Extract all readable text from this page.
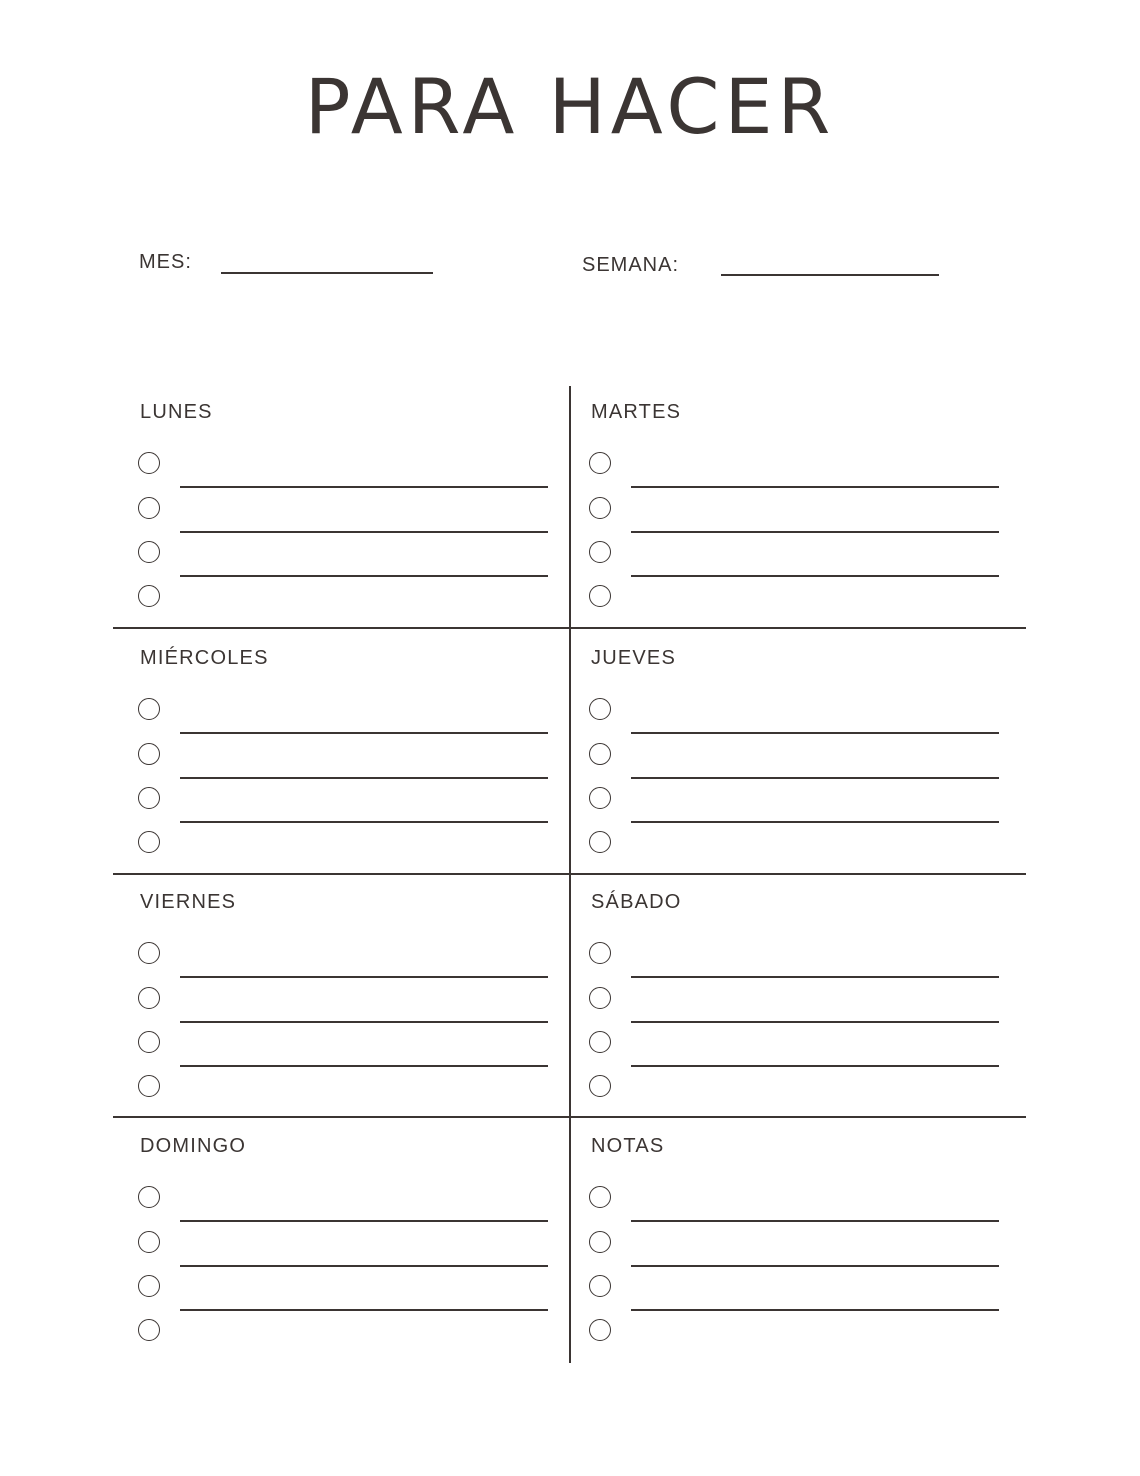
PARA HACER
MES:	SEMANA:
LUNES	MARTES
MIÉRCOLES	JUEVES
VIERNES	SÁBADO
DOMINGO	NOTAS
